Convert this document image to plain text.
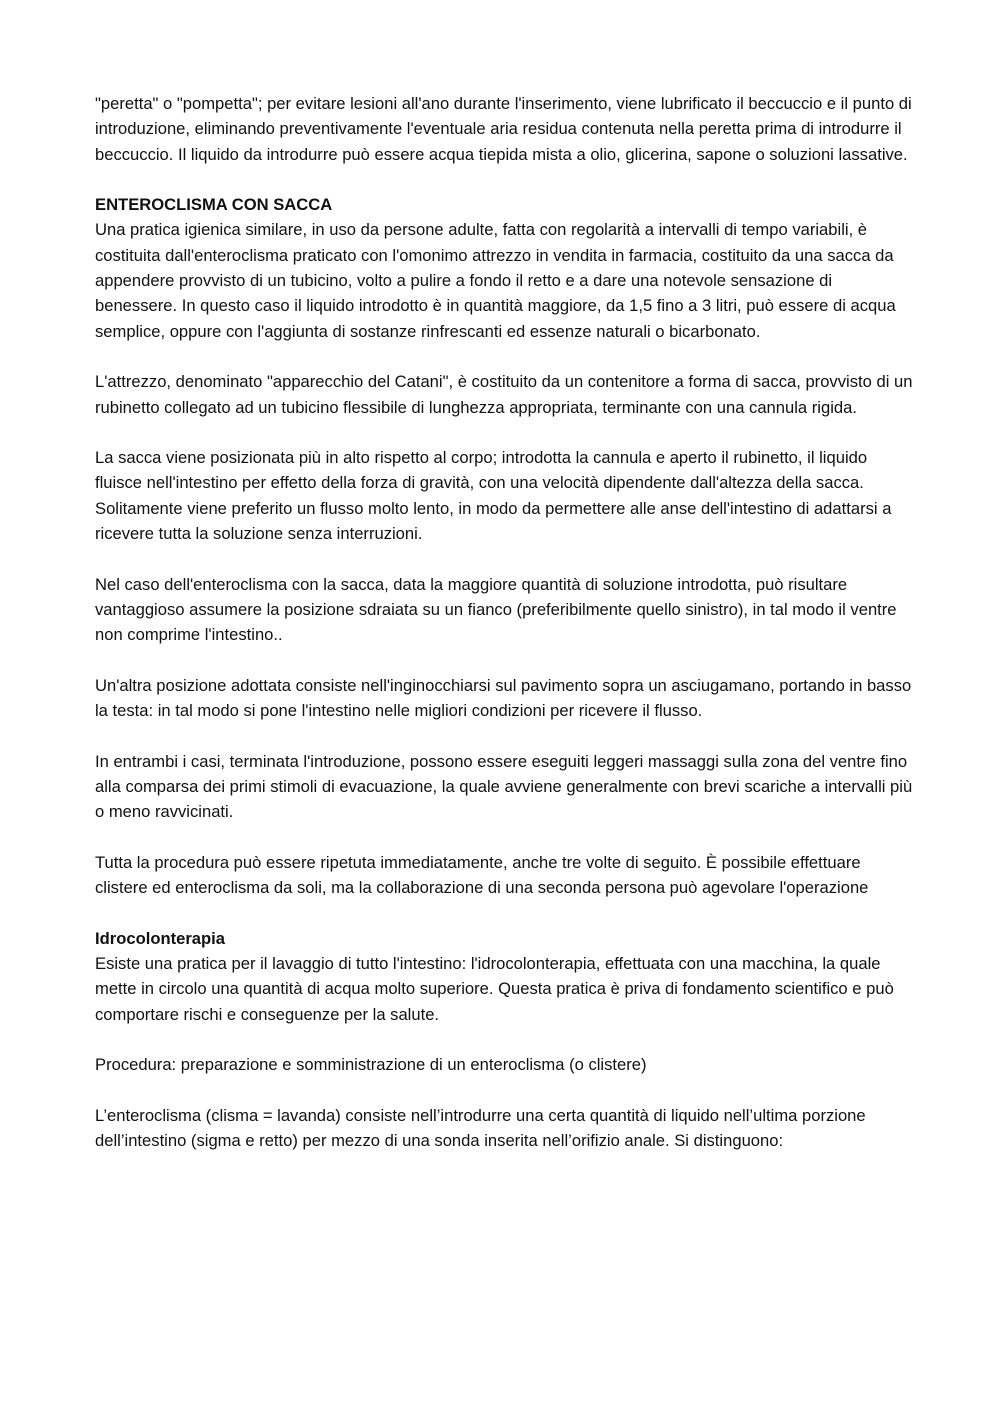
"peretta" o "pompetta"; per evitare lesioni all'ano durante l'inserimento, viene lubrificato il beccuccio e il punto di introduzione, eliminando preventivamente l'eventuale aria residua contenuta nella peretta prima di introdurre il beccuccio. Il liquido da introdurre può essere acqua tiepida mista a olio, glicerina, sapone o soluzioni lassative.

ENTEROCLISMA CON SACCA

Una pratica igienica similare, in uso da persone adulte, fatta con regolarità a intervalli di tempo variabili, è costituita dall'enteroclisma praticato con l'omonimo attrezzo in vendita in farmacia, costituito da una sacca da appendere provvisto di un tubicino, volto a pulire a fondo il retto e a dare una notevole sensazione di benessere. In questo caso il liquido introdotto è in quantità maggiore, da 1,5 fino a 3 litri, può essere di acqua semplice, oppure con l'aggiunta di sostanze rinfrescanti ed essenze naturali o bicarbonato.

L'attrezzo, denominato "apparecchio del Catani", è costituito da un contenitore a forma di sacca, provvisto di un rubinetto collegato ad un tubicino flessibile di lunghezza appropriata, terminante con una cannula rigida.

La sacca viene posizionata più in alto rispetto al corpo; introdotta la cannula e aperto il rubinetto, il liquido fluisce nell'intestino per effetto della forza di gravità, con una velocità dipendente dall'altezza della sacca. Solitamente viene preferito un flusso molto lento, in modo da permettere alle anse dell'intestino di adattarsi a ricevere tutta la soluzione senza interruzioni.

Nel caso dell'enteroclisma con la sacca, data la maggiore quantità di soluzione introdotta, può risultare vantaggioso assumere la posizione sdraiata su un fianco (preferibilmente quello sinistro), in tal modo il ventre non comprime l'intestino..

Un'altra posizione adottata consiste nell'inginocchiarsi sul pavimento sopra un asciugamano, portando in basso la testa: in tal modo si pone l'intestino nelle migliori condizioni per ricevere il flusso.

In entrambi i casi, terminata l'introduzione, possono essere eseguiti leggeri massaggi sulla zona del ventre fino alla comparsa dei primi stimoli di evacuazione, la quale avviene generalmente con brevi scariche a intervalli più o meno ravvicinati.

Tutta la procedura può essere ripetuta immediatamente, anche tre volte di seguito. È possibile effettuare clistere ed enteroclisma da soli, ma la collaborazione di una seconda persona può agevolare l'operazione

Idrocolonterapia

Esiste una pratica per il lavaggio di tutto l'intestino: l'idrocolonterapia, effettuata con una macchina, la quale mette in circolo una quantità di acqua molto superiore. Questa pratica è priva di fondamento scientifico e può comportare rischi e conseguenze per la salute.

Procedura: preparazione e somministrazione di un enteroclisma (o clistere)

L’enteroclisma (clisma = lavanda) consiste nell’introdurre una certa quantità di liquido nell’ultima porzione dell’intestino (sigma e retto) per mezzo di una sonda inserita nell’orifizio anale. Si distinguono:
